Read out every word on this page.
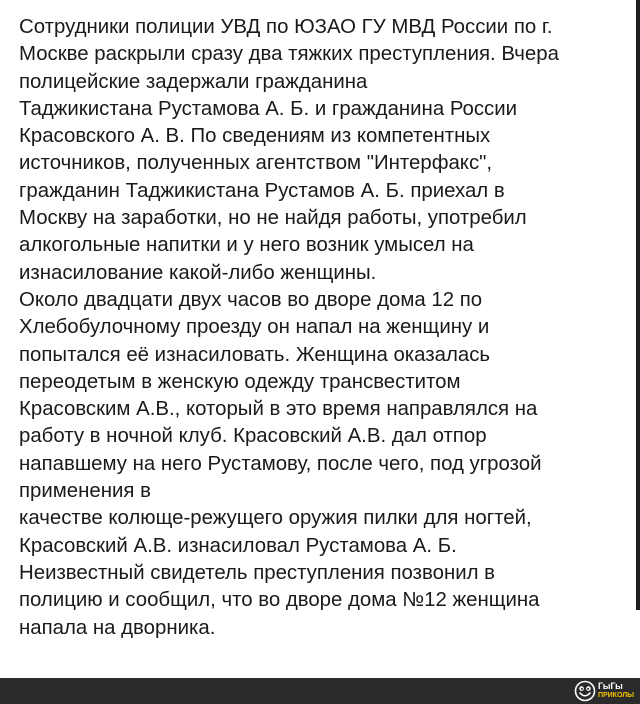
Сотрудники полиции УВД по ЮЗАО ГУ МВД России по г.
Москве раскрыли сразу два тяжких преступления. Вчера
полицейские задержали гражданина
Таджикистана Рустамова А. Б. и гражданина России
Красовского А. В. По сведениям из компетентных
источников, полученных агентством "Интерфакс",
гражданин Таджикистана Рустамов А. Б. приехал в
Москву на заработки, но не найдя работы, употребил
алкогольные напитки и у него возник умысел на
изнасилование какой-либо женщины.
Около двадцати двух часов во дворе дома 12 по
Хлебобулочному проезду он напал на женщину и
попытался её изнасиловать. Женщина оказалась
переодетым в женскую одежду трансвеститом
Красовским А.В., который в это время направлялся на
работу в ночной клуб. Красовский А.В. дал отпор
напавшему на него Рустамову, после чего, под угрозой
применения в
качестве колюще-режущего оружия пилки для ногтей,
Красовский А.В. изнасиловал Рустамова А. Б.
Неизвестный свидетель преступления позвонил в
полицию и сообщил, что во дворе дома №12 женщина
напала на дворника.
ГыГы
ПРИКОЛЫ
